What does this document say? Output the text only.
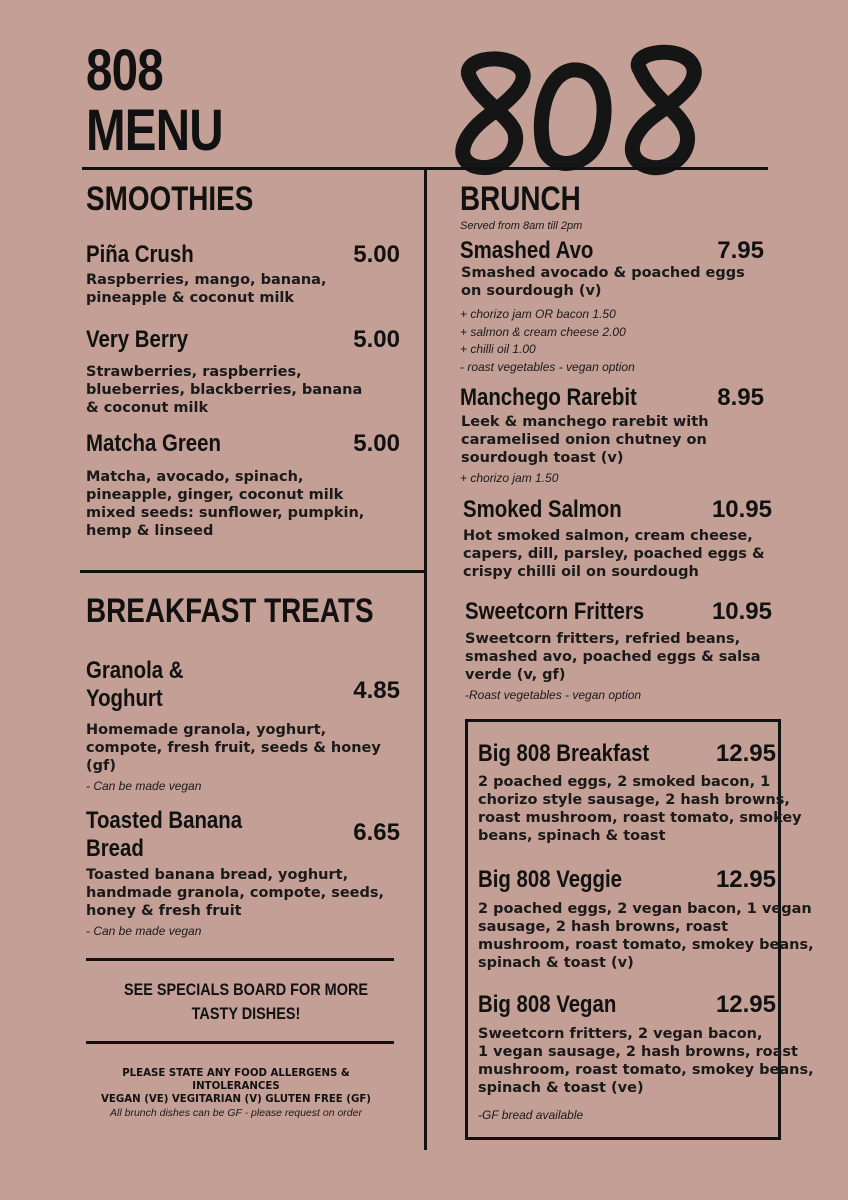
808
MENU
SMOOTHIES
Piña Crush	5.00
Raspberries, mango, banana,
pineapple & coconut milk
Very Berry	5.00
Strawberries, raspberries,
blueberries, blackberries, banana
& coconut milk
Matcha Green	5.00
Matcha, avocado, spinach,
pineapple, ginger, coconut milk
mixed seeds: sunflower, pumpkin,
hemp & linseed
BREAKFAST TREATS
Granola &
Yoghurt	4.85
Homemade granola, yoghurt,
compote, fresh fruit, seeds & honey
(gf)
- Can be made vegan
Toasted Banana
Bread
6.65
Toasted banana bread, yoghurt,
handmade granola, compote, seeds,
honey & fresh fruit
- Can be made vegan
SEE SPECIALS BOARD FOR MORE
TASTY DISHES!
PLEASE STATE ANY FOOD ALLERGENS & INTOLERANCES
VEGAN (VE) VEGITARIAN (V) GLUTEN FREE (GF)
All brunch dishes can be GF - please request on order
BRUNCH
Served from 8am till 2pm
Smashed Avo	7.95
Smashed avocado & poached eggs
on sourdough (v)
+ chorizo jam OR bacon 1.50
+ salmon & cream cheese 2.00
+ chilli oil 1.00
- roast vegetables - vegan option
Manchego Rarebit	8.95
Leek & manchego rarebit with
caramelised onion chutney on
sourdough toast (v)
+ chorizo jam 1.50
Smoked Salmon	10.95
Hot smoked salmon, cream cheese,
capers, dill, parsley, poached eggs &
crispy chilli oil on sourdough
Sweetcorn Fritters	10.95
Sweetcorn fritters, refried beans,
smashed avo, poached eggs & salsa
verde (v, gf)
-Roast vegetables - vegan option
Big 808 Breakfast	12.95
2 poached eggs, 2 smoked bacon, 1
chorizo style sausage, 2 hash browns,
roast mushroom, roast tomato, smokey
beans, spinach & toast
Big 808 Veggie	12.95
2 poached eggs, 2 vegan bacon, 1 vegan
sausage, 2 hash browns, roast
mushroom, roast tomato, smokey beans,
spinach & toast (v)
Big 808 Vegan	12.95
Sweetcorn fritters, 2 vegan bacon,
1 vegan sausage, 2 hash browns, roast
mushroom, roast tomato, smokey beans,
spinach & toast (ve)
-GF bread available
